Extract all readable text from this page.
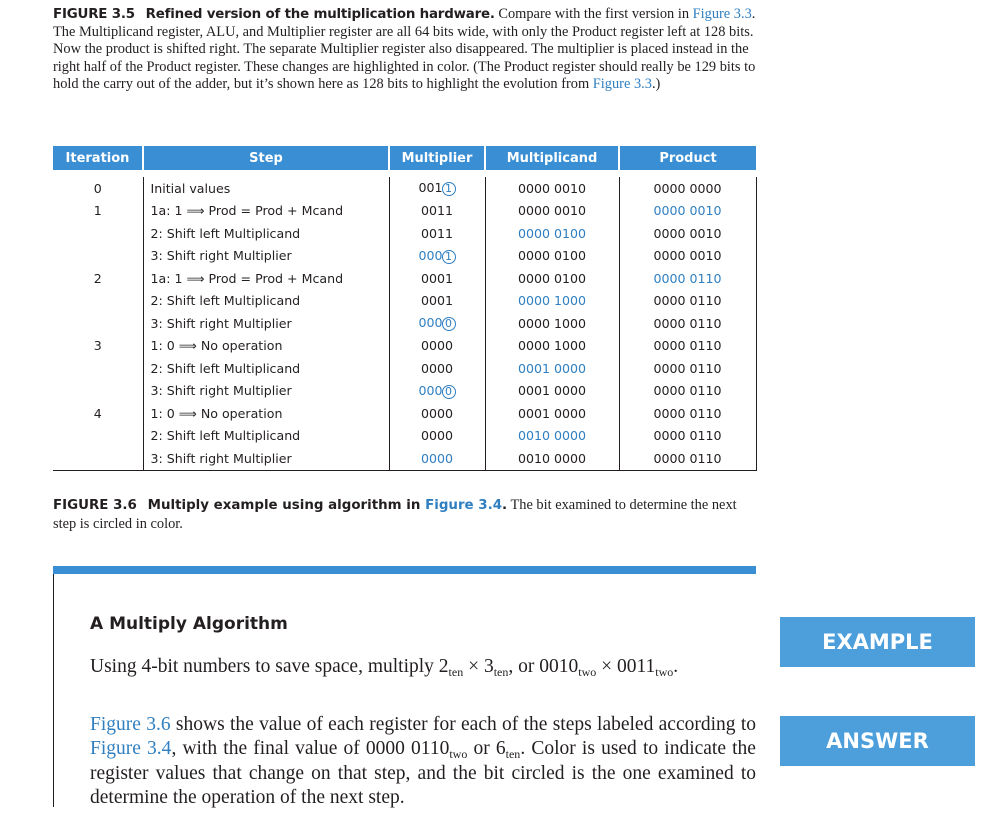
FIGURE 3.5 Refined version of the multiplication hardware. Compare with the first version in Figure 3.3. The Multiplicand register, ALU, and Multiplier register are all 64 bits wide, with only the Product register left at 128 bits. Now the product is shifted right. The separate Multiplier register also disappeared. The multiplier is placed instead in the right half of the Product register. These changes are highlighted in color. (The Product register should really be 129 bits to hold the carry out of the adder, but it’s shown here as 128 bits to highlight the evolution from Figure 3.3.)
Iteration	Step	Multiplier	Multiplicand	Product
0	Initial values	001 1	0000 0010	0000 0000
1	1a: 1 ⟹ Prod = Prod + Mcand	0011	0000 0010	0000 0010
	2: Shift left Multiplicand	0011	0000 0100	0000 0010
	3: Shift right Multiplier	000 1	0000 0100	0000 0010
2	1a: 1 ⟹ Prod = Prod + Mcand	0001	0000 0100	0000 0110
	2: Shift left Multiplicand	0001	0000 1000	0000 0110
	3: Shift right Multiplier	000 0	0000 1000	0000 0110
3	1: 0 ⟹ No operation	0000	0000 1000	0000 0110
	2: Shift left Multiplicand	0000	0001 0000	0000 0110
	3: Shift right Multiplier	000 0	0001 0000	0000 0110
4	1: 0 ⟹ No operation	0000	0001 0000	0000 0110
	2: Shift left Multiplicand	0000	0010 0000	0000 0110
	3: Shift right Multiplier	0000	0010 0000	0000 0110
FIGURE 3.6 Multiply example using algorithm in Figure 3.4. The bit examined to determine the next step is circled in color.
A Multiply Algorithm
Using 4-bit numbers to save space, multiply $2_{ten} \times 3_{ten}$, or $0010_{two} \times 0011_{two}$.
Figure 3.6 shows the value of each register for each of the steps labeled according to Figure 3.4, with the final value of 0000 $0110_{two}$ or $6_{ten}$. Color is used to indicate the register values that change on that step, and the bit circled is the one examined to determine the operation of the next step.
EXAMPLE
ANSWER
